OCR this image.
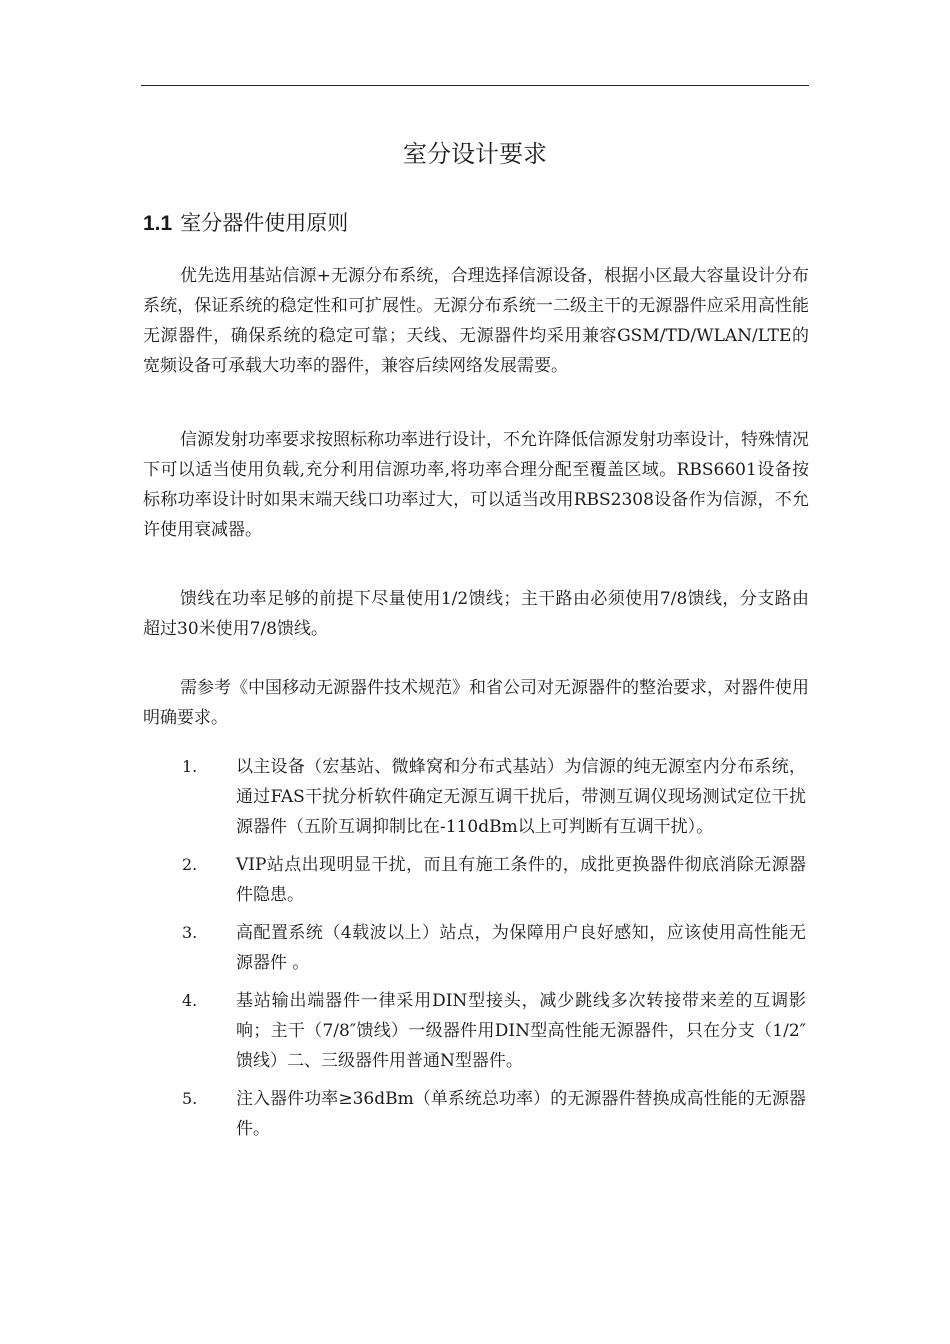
室分设计要求
1.1 室分器件使用原则

优先选用基站信源+无源分布系统，合理选择信源设备，根据小区最大容量设计分布系统，保证系统的稳定性和可扩展性。无源分布系统一二级主干的无源器件应采用高性能无源器件，确保系统的稳定可靠；天线、无源器件均采用兼容GSM/TD/WLAN/LTE的宽频设备可承载大功率的器件，兼容后续网络发展需要。

信源发射功率要求按照标称功率进行设计，不允许降低信源发射功率设计，特殊情况下可以适当使用负载,充分利用信源功率,将功率合理分配至覆盖区域。RBS6601设备按标称功率设计时如果末端天线口功率过大，可以适当改用RBS2308设备作为信源，不允许使用衰减器。

馈线在功率足够的前提下尽量使用1/2馈线；主干路由必须使用7/8馈线，分支路由超过30米使用7/8馈线。

需参考《中国移动无源器件技术规范》和省公司对无源器件的整治要求，对器件使用明确要求。

1. 以主设备（宏基站、微蜂窝和分布式基站）为信源的纯无源室内分布系统，通过FAS干扰分析软件确定无源互调干扰后，带测互调仪现场测试定位干扰源器件（五阶互调抑制比在-110dBm以上可判断有互调干扰）。
2. VIP站点出现明显干扰，而且有施工条件的，成批更换器件彻底消除无源器件隐患。
3. 高配置系统（4载波以上）站点，为保障用户良好感知，应该使用高性能无源器件 。
4. 基站输出端器件一律采用DIN型接头，减少跳线多次转接带来差的互调影响；主干（7/8″馈线）一级器件用DIN型高性能无源器件，只在分支（1/2″馈线）二、三级器件用普通N型器件。
5. 注入器件功率≥36dBm（单系统总功率）的无源器件替换成高性能的无源器件。
